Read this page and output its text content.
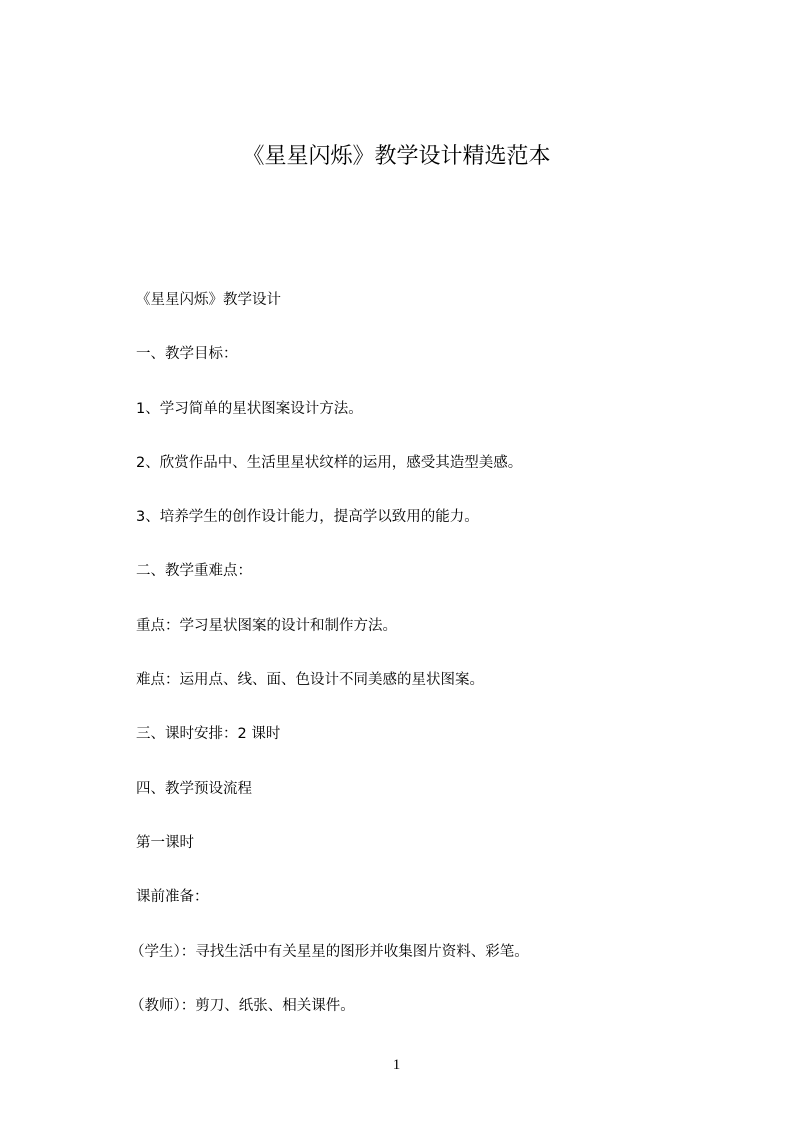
《星星闪烁》教学设计精选范本
《星星闪烁》教学设计
一、教学目标：
1、学习简单的星状图案设计方法。
2、欣赏作品中、生活里星状纹样的运用，感受其造型美感。
3、培养学生的创作设计能力，提高学以致用的能力。
二、教学重难点：
重点：学习星状图案的设计和制作方法。
难点：运用点、线、面、色设计不同美感的星状图案。
三、课时安排：2 课时
四、教学预设流程
第一课时
课前准备：
（学生）：寻找生活中有关星星的图形并收集图片资料、彩笔。
（教师）：剪刀、纸张、相关课件。
1
